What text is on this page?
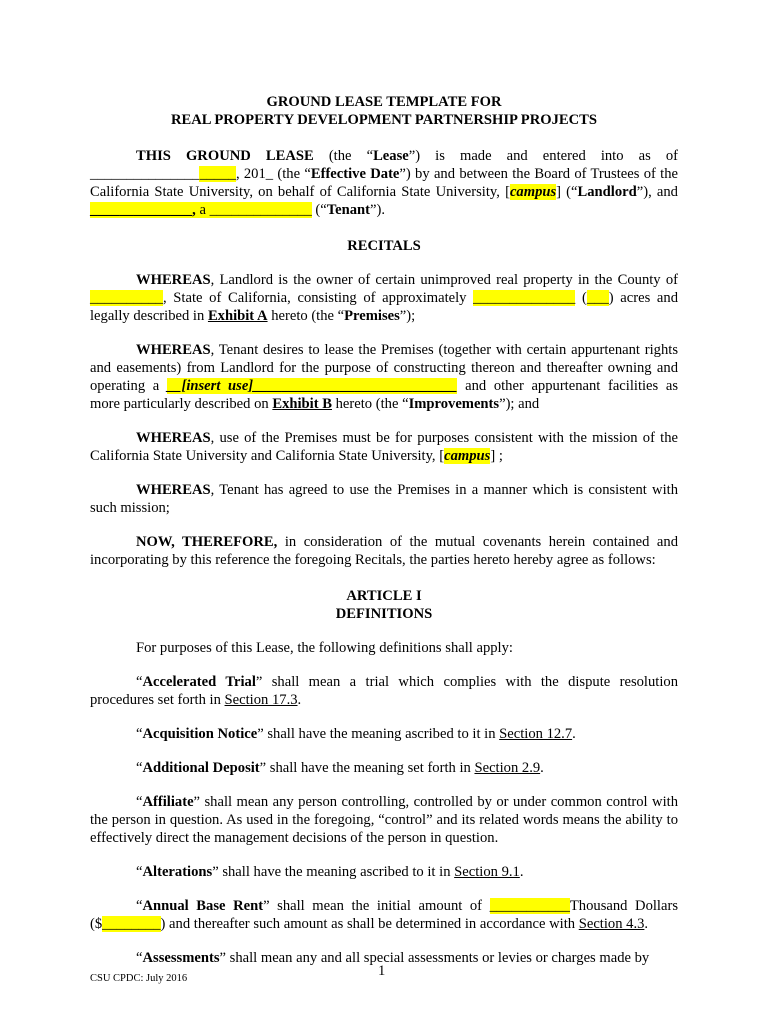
GROUND LEASE TEMPLATE FOR
REAL PROPERTY DEVELOPMENT PARTNERSHIP PROJECTS
THIS GROUND LEASE (the “Lease”) is made and entered into as of ____________________, 201_ (the “Effective Date”) by and between the Board of Trustees of the California State University, on behalf of California State University, [campus] (“Landlord”), and ______________, a ______________ (“Tenant”).
RECITALS
WHEREAS, Landlord is the owner of certain unimproved real property in the County of __________, State of California, consisting of approximately ______________ (___) acres and legally described in Exhibit A hereto (the “Premises”);
WHEREAS, Tenant desires to lease the Premises (together with certain appurtenant rights and easements) from Landlord for the purpose of constructing thereon and thereafter owning and operating a __[insert use]____________________________ and other appurtenant facilities as more particularly described on Exhibit B hereto (the “Improvements”); and
WHEREAS, use of the Premises must be for purposes consistent with the mission of the California State University and California State University, [campus] ;
WHEREAS, Tenant has agreed to use the Premises in a manner which is consistent with such mission;
NOW, THEREFORE, in consideration of the mutual covenants herein contained and incorporating by this reference the foregoing Recitals, the parties hereto hereby agree as follows:
ARTICLE I
DEFINITIONS
For purposes of this Lease, the following definitions shall apply:
“Accelerated Trial” shall mean a trial which complies with the dispute resolution procedures set forth in Section 17.3.
“Acquisition Notice” shall have the meaning ascribed to it in Section 12.7.
“Additional Deposit” shall have the meaning set forth in Section 2.9.
“Affiliate” shall mean any person controlling, controlled by or under common control with the person in question. As used in the foregoing, “control” and its related words means the ability to effectively direct the management decisions of the person in question.
“Alterations” shall have the meaning ascribed to it in Section 9.1.
“Annual Base Rent” shall mean the initial amount of ___________Thousand Dollars ($________) and thereafter such amount as shall be determined in accordance with Section 4.3.
“Assessments” shall mean any and all special assessments or levies or charges made by
CSU CPDC: July 2016	1
